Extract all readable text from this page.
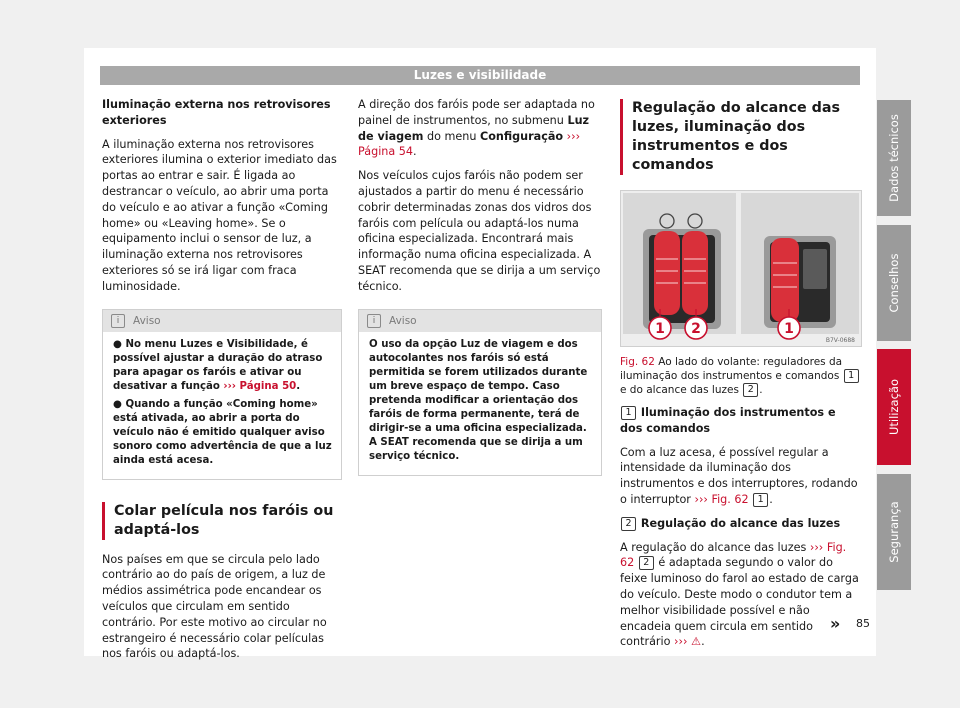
Luzes e visibilidade

Iluminação externa nos retrovisores exteriores

A iluminação externa nos retrovisores exteriores ilumina o exterior imediato das portas ao entrar e sair. É ligada ao destrancar o veículo, ao abrir uma porta do veículo e ao ativar a função «Coming home» ou «Leaving home». Se o equipamento inclui o sensor de luz, a iluminação externa nos retrovisores exteriores só se irá ligar com fraca luminosidade.

i Aviso

● No menu Luzes e Visibilidade, é possível ajustar a duração do atraso para apagar os faróis e ativar ou desativar a função ››› Página 50.

● Quando a função «Coming home» está ativada, ao abrir a porta do veículo não é emitido qualquer aviso sonoro como advertência de que a luz ainda está acesa.

Colar película nos faróis ou adaptá-los

Nos países em que se circula pelo lado contrário ao do país de origem, a luz de médios assimétrica pode encandear os veículos que circulam em sentido contrário. Por este motivo ao circular no estrangeiro é necessário colar películas nos faróis ou adaptá-los.

A direção dos faróis pode ser adaptada no painel de instrumentos, no submenu Luz de viagem do menu Configuração ››› Página 54.

Nos veículos cujos faróis não podem ser ajustados a partir do menu é necessário cobrir determinadas zonas dos vidros dos faróis com película ou adaptá-los numa oficina especializada. Encontrará mais informação numa oficina especializada. A SEAT recomenda que se dirija a um serviço técnico.

i Aviso

O uso da opção Luz de viagem e dos autocolantes nos faróis só está permitida se forem utilizados durante um breve espaço de tempo. Caso pretenda modificar a orientação dos faróis de forma permanente, terá de dirigir-se a uma oficina especializada. A SEAT recomenda que se dirija a um serviço técnico.

Regulação do alcance das luzes, iluminação dos instrumentos e dos comandos
1 2	1
B7V-0688

Fig. 62 Ao lado do volante: reguladores da iluminação dos instrumentos e comandos 1 e do alcance das luzes 2 .

1 Iluminação dos instrumentos e dos comandos

Com a luz acesa, é possível regular a intensidade da iluminação dos instrumentos e dos interruptores, rodando o interruptor ››› Fig. 62 1 .

2 Regulação do alcance das luzes

A regulação do alcance das luzes ››› Fig. 62 2 é adaptada segundo o valor do feixe luminoso do farol ao estado de carga do veículo. Deste modo o condutor tem a melhor visibilidade possível e não encadeia quem circula em sentido contrário ››› ⚠.

» 85
Dados técnicos
Conselhos
Utilização
Segurança
